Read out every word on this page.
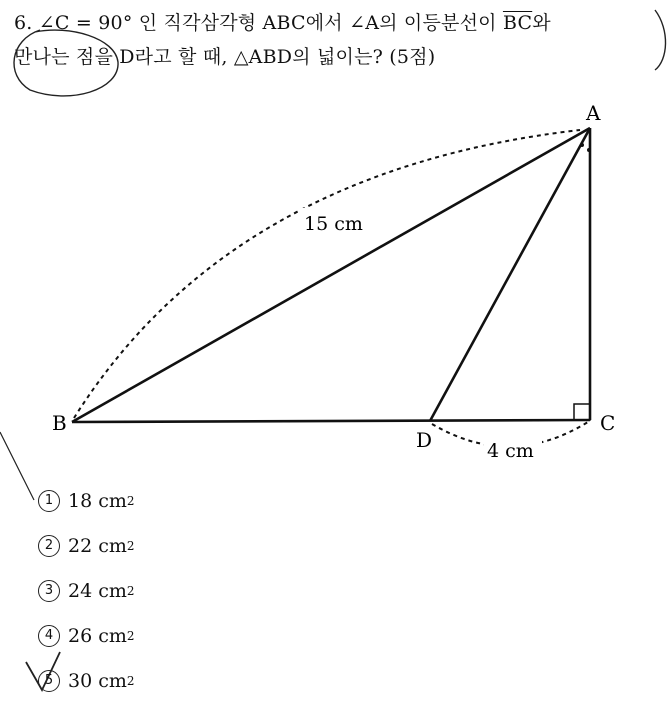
6. ∠C = 90° 인 직각삼각형 ABC에서 ∠A의 이등분선이 $\overline{BC}$와
만나는 점을 D라고 할 때, △ABD의 넓이는? (5점)
A
B	C
D
15 cm
4 cm
1 18 cm 2
2 22 cm 2
3 24 cm 2
4 26 cm 2
5 30 cm 2
